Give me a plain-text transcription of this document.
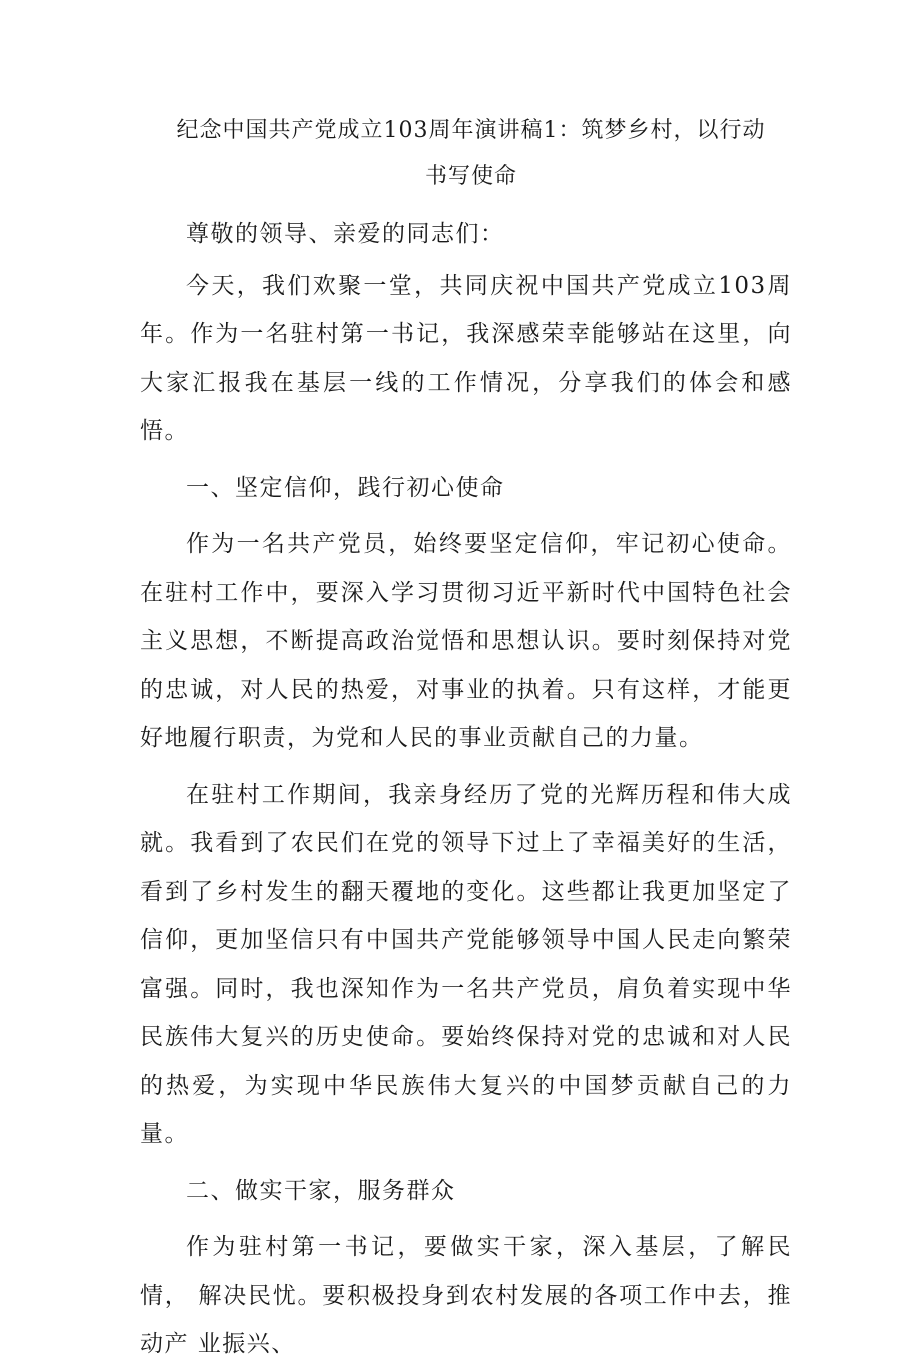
纪念中国共产党成立103周年演讲稿1：筑梦乡村，以行动
书写使命

尊敬的领导、亲爱的同志们：

今天，我们欢聚一堂，共同庆祝中国共产党成立103周 年。作为一名驻村第一书记，我深感荣幸能够站在这里，向 大家汇报我在基层一线的工作情况，分享我们的体会和感悟。

一、坚定信仰，践行初心使命

作为一名共产党员，始终要坚定信仰，牢记初心使命。 在驻村工作中，要深入学习贯彻习近平新时代中国特色社会 主义思想，不断提高政治觉悟和思想认识。要时刻保持对党 的忠诚，对人民的热爱，对事业的执着。只有这样，才能更 好地履行职责，为党和人民的事业贡献自己的力量。

在驻村工作期间，我亲身经历了党的光辉历程和伟大成 就。我看到了农民们在党的领导下过上了幸福美好的生活， 看到了乡村发生的翻天覆地的变化。这些都让我更加坚定了 信仰，更加坚信只有中国共产党能够领导中国人民走向繁荣 富强。同时，我也深知作为一名共产党员，肩负着实现中华 民族伟大复兴的历史使命。要始终保持对党的忠诚和对人民 的热爱，为实现中华民族伟大复兴的中国梦贡献自己的力量。

二、做实干家，服务群众

作为驻村第一书记，要做实干家，深入基层，了解民情， 解决民忧。要积极投身到农村发展的各项工作中去，推动产 业振兴、
